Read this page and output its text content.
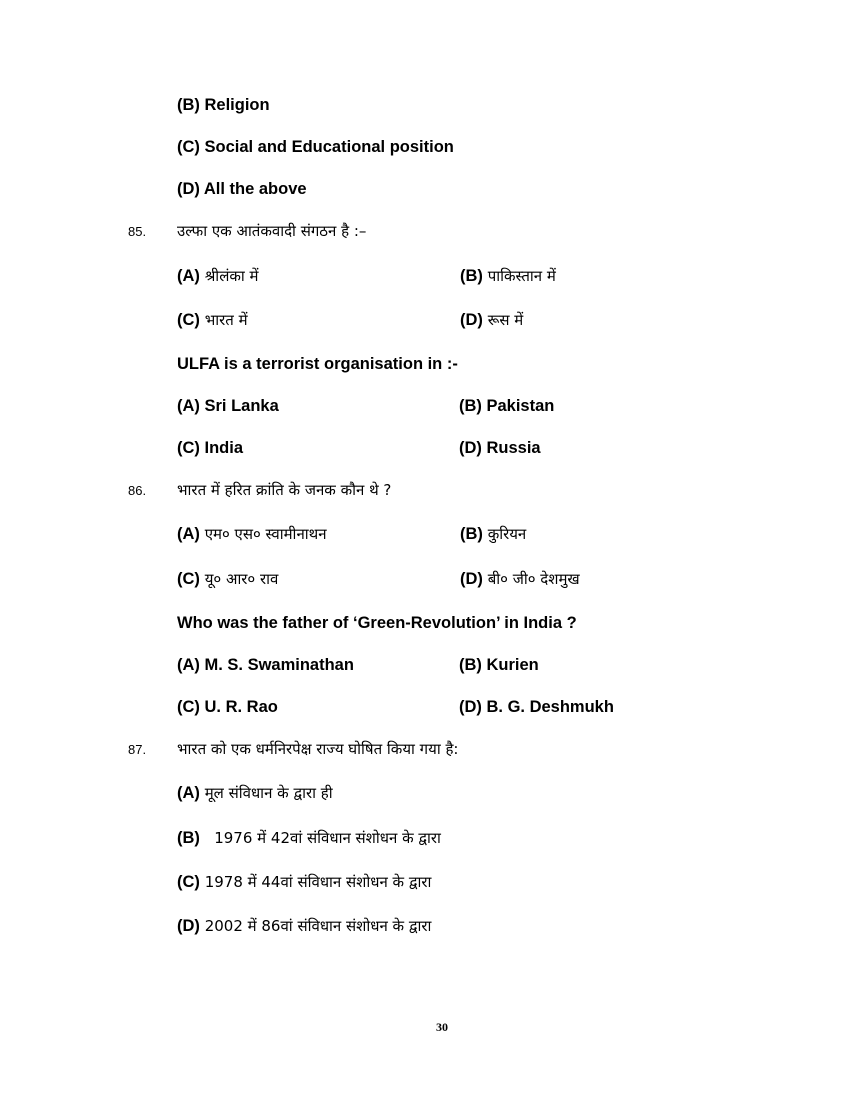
(B) Religion
(C) Social and Educational position
(D) All the above
85. उल्फा एक आतंकवादी संगठन है :–
(A) श्रीलंका में	(B) पाकिस्तान में
(C) भारत में	(D) रूस में
ULFA is a terrorist organisation in :-
(A) Sri Lanka	(B) Pakistan
(C) India	(D) Russia
86. भारत में हरित क्रांति के जनक कौन थे ?
(A) एम० एस० स्वामीनाथन	(B) कुरियन
(C) यू० आर० राव	(D) बी० जी० देशमुख
Who was the father of ‘Green-Revolution’ in India ?
(A) M. S. Swaminathan	(B) Kurien
(C) U. R. Rao	(D) B. G. Deshmukh
87. भारत को एक धर्मनिरपेक्ष राज्य घोषित किया गया है:
(A) मूल संविधान के द्वारा ही
(B) 1976 में 42वां संविधान संशोधन के द्वारा
(C) 1978 में 44वां संविधान संशोधन के द्वारा
(D) 2002 में 86वां संविधान संशोधन के द्वारा
30
